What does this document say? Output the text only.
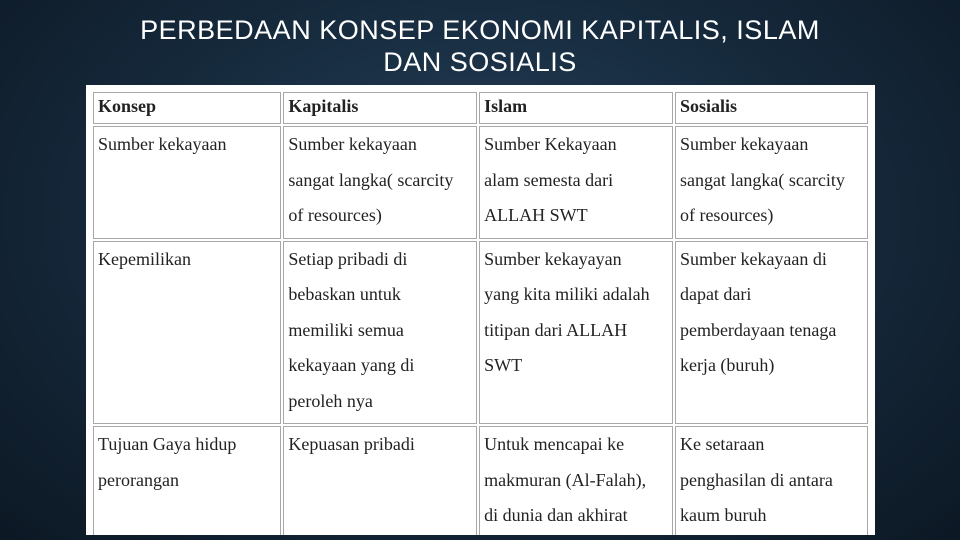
PERBEDAAN KONSEP EKONOMI KAPITALIS, ISLAM
DAN SOSIALIS
Konsep	Kapitalis	Islam	Sosialis

Sumber kekayaan	Sumber kekayaan
sangat langka( scarcity
of resources)	Sumber Kekayaan
alam semesta dari
ALLAH SWT	Sumber kekayaan
sangat langka( scarcity
of resources)

Kepemilikan	Setiap pribadi di
bebaskan untuk
memiliki semua
kekayaan yang di
peroleh nya	Sumber kekayayan
yang kita miliki adalah
titipan dari ALLAH
SWT	Sumber kekayaan di
dapat dari
pemberdayaan tenaga
kerja (buruh)

Tujuan Gaya hidup
perorangan	Kepuasan pribadi	Untuk mencapai ke
makmuran (Al-Falah),
di dunia dan akhirat	Ke setaraan
penghasilan di antara
kaum buruh
